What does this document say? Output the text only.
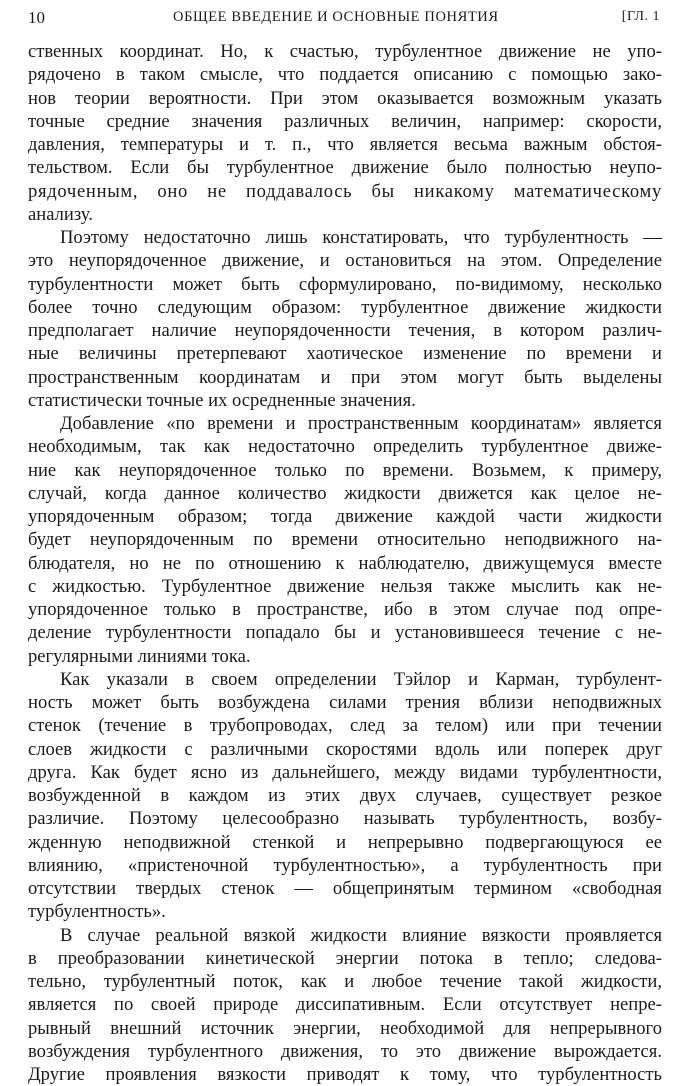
10	ОБЩЕЕ ВВЕДЕНИЕ И ОСНОВНЫЕ ПОНЯТИЯ	[ГЛ. 1

ственных координат. Но, к счастью, турбулентное движение не упо-

рядочено в таком смысле, что поддается описанию с помощью зако-

нов теории вероятности. При этом оказывается возможным указать

точные средние значения различных величин, например: скорости,

давления, температуры и т. п., что является весьма важным обстоя-

тельством. Если бы турбулентное движение было полностью неупо-

рядоченным, оно не поддавалось бы никакому математическому

анализу.

Поэтому недостаточно лишь констатировать, что турбулентность —

это неупорядоченное движение, и остановиться на этом. Определение

турбулентности может быть сформулировано, по-видимому, несколько

более точно следующим образом: турбулентное движение жидкости

предполагает наличие неупорядоченности течения, в котором различ-

ные величины претерпевают хаотическое изменение по времени и

пространственным координатам и при этом могут быть выделены

статистически точные их осредненные значения.

Добавление «по времени и пространственным координатам» является

необходимым, так как недостаточно определить турбулентное движе-

ние как неупорядоченное только по времени. Возьмем, к примеру,

случай, когда данное количество жидкости движется как целое не-

упорядоченным образом; тогда движение каждой части жидкости

будет неупорядоченным по времени относительно неподвижного на-

блюдателя, но не по отношению к наблюдателю, движущемуся вместе

с жидкостью. Турбулентное движение нельзя также мыслить как не-

упорядоченное только в пространстве, ибо в этом случае под опре-

деление турбулентности попадало бы и установившееся течение с не-

регулярными линиями тока.

Как указали в своем определении Тэйлор и Карман, турбулент-

ность может быть возбуждена силами трения вблизи неподвижных

стенок (течение в трубопроводах, след за телом) или при течении

слоев жидкости с различными скоростями вдоль или поперек друг

друга. Как будет ясно из дальнейшего, между видами турбулентности,

возбужденной в каждом из этих двух случаев, существует резкое

различие. Поэтому целесообразно называть турбулентность, возбу-

жденную неподвижной стенкой и непрерывно подвергающуюся ее

влиянию, «пристеночной турбулентностью», а турбулентность при

отсутствии твердых стенок — общепринятым термином «свободная

турбулентность».

В случае реальной вязкой жидкости влияние вязкости проявляется

в преобразовании кинетической энергии потока в тепло; следова-

тельно, турбулентный поток, как и любое течение такой жидкости,

является по своей природе диссипативным. Если отсутствует непре-

рывный внешний источник энергии, необходимой для непрерывного

возбуждения турбулентного движения, то это движение вырождается.

Другие проявления вязкости приводят к тому, что турбулентность
